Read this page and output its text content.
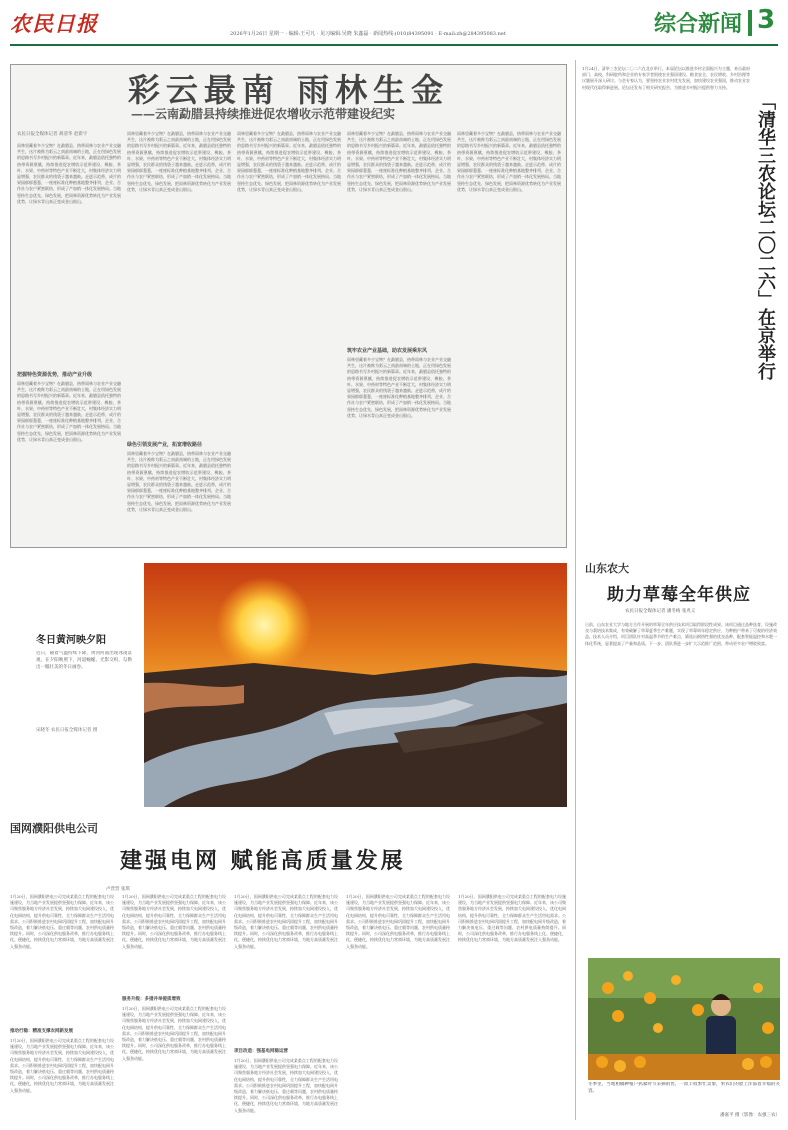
农民日报	2026年1月26日 星期一 · 编辑:王可凡 · 见习编辑:吴晓 朱鑫磊 · 新闻热线:(010)84395091 · E-mail:zh@284395083.net	综合新闻 3
彩云最南 雨林生金
——云南勐腊县持续推进促农增收示范带建设纪实
农民日报全媒体记者 胡清华 赵新宇
雨林里藏着多少宝物？在勐腊县，热带雨林与农业产业交融共生，这片被称为彩云之南最南端的土地，正在用绿色发展的思路书写乡村振兴的新篇章。近年来，勐腊县依托独特的热带资源禀赋，持续推进促农增收示范带建设，橡胶、茶叶、水果、中药材等特色产业不断壮大，村集体经济实力明显增强，农民群众的钱袋子越来越鼓。走进示范带，成片的果园郁郁葱葱，一座座标准化种植基地整齐排列，企业、合作社与农户紧密联结，形成了产加销一体化发展格局。当地坚持生态优先、绿色发展，把雨林资源优势转化为产业发展优势，让绿水青山真正变成金山银山。
把握特色资源优势，推动产业升级
雨林里藏着多少宝物？在勐腊县，热带雨林与农业产业交融共生，这片被称为彩云之南最南端的土地，正在用绿色发展的思路书写乡村振兴的新篇章。近年来，勐腊县依托独特的热带资源禀赋，持续推进促农增收示范带建设，橡胶、茶叶、水果、中药材等特色产业不断壮大，村集体经济实力明显增强，农民群众的钱袋子越来越鼓。走进示范带，成片的果园郁郁葱葱，一座座标准化种植基地整齐排列，企业、合作社与农户紧密联结，形成了产加销一体化发展格局。当地坚持生态优先、绿色发展，把雨林资源优势转化为产业发展优势，让绿水青山真正变成金山银山。
雨林里藏着多少宝物？在勐腊县，热带雨林与农业产业交融共生，这片被称为彩云之南最南端的土地，正在用绿色发展的思路书写乡村振兴的新篇章。近年来，勐腊县依托独特的热带资源禀赋，持续推进促农增收示范带建设，橡胶、茶叶、水果、中药材等特色产业不断壮大，村集体经济实力明显增强，农民群众的钱袋子越来越鼓。走进示范带，成片的果园郁郁葱葱，一座座标准化种植基地整齐排列，企业、合作社与农户紧密联结，形成了产加销一体化发展格局。当地坚持生态优先、绿色发展，把雨林资源优势转化为产业发展优势，让绿水青山真正变成金山银山。
绿色引领发展产业，拓宽增收路径
雨林里藏着多少宝物？在勐腊县，热带雨林与农业产业交融共生，这片被称为彩云之南最南端的土地，正在用绿色发展的思路书写乡村振兴的新篇章。近年来，勐腊县依托独特的热带资源禀赋，持续推进促农增收示范带建设，橡胶、茶叶、水果、中药材等特色产业不断壮大，村集体经济实力明显增强，农民群众的钱袋子越来越鼓。走进示范带，成片的果园郁郁葱葱，一座座标准化种植基地整齐排列，企业、合作社与农户紧密联结，形成了产加销一体化发展格局。当地坚持生态优先、绿色发展，把雨林资源优势转化为产业发展优势，让绿水青山真正变成金山银山。
雨林里藏着多少宝物？在勐腊县，热带雨林与农业产业交融共生，这片被称为彩云之南最南端的土地，正在用绿色发展的思路书写乡村振兴的新篇章。近年来，勐腊县依托独特的热带资源禀赋，持续推进促农增收示范带建设，橡胶、茶叶、水果、中药材等特色产业不断壮大，村集体经济实力明显增强，农民群众的钱袋子越来越鼓。走进示范带，成片的果园郁郁葱葱，一座座标准化种植基地整齐排列，企业、合作社与农户紧密联结，形成了产加销一体化发展格局。当地坚持生态优先、绿色发展，把雨林资源优势转化为产业发展优势，让绿水青山真正变成金山银山。
雨林里藏着多少宝物？在勐腊县，热带雨林与农业产业交融共生，这片被称为彩云之南最南端的土地，正在用绿色发展的思路书写乡村振兴的新篇章。近年来，勐腊县依托独特的热带资源禀赋，持续推进促农增收示范带建设，橡胶、茶叶、水果、中药材等特色产业不断壮大，村集体经济实力明显增强，农民群众的钱袋子越来越鼓。走进示范带，成片的果园郁郁葱葱，一座座标准化种植基地整齐排列，企业、合作社与农户紧密联结，形成了产加销一体化发展格局。当地坚持生态优先、绿色发展，把雨林资源优势转化为产业发展优势，让绿水青山真正变成金山银山。
筑牢农业产业基础，助农发展乘东风
雨林里藏着多少宝物？在勐腊县，热带雨林与农业产业交融共生，这片被称为彩云之南最南端的土地，正在用绿色发展的思路书写乡村振兴的新篇章。近年来，勐腊县依托独特的热带资源禀赋，持续推进促农增收示范带建设，橡胶、茶叶、水果、中药材等特色产业不断壮大，村集体经济实力明显增强，农民群众的钱袋子越来越鼓。走进示范带，成片的果园郁郁葱葱，一座座标准化种植基地整齐排列，企业、合作社与农户紧密联结，形成了产加销一体化发展格局。当地坚持生态优先、绿色发展，把雨林资源优势转化为产业发展优势，让绿水青山真正变成金山银山。
雨林里藏着多少宝物？在勐腊县，热带雨林与农业产业交融共生，这片被称为彩云之南最南端的土地，正在用绿色发展的思路书写乡村振兴的新篇章。近年来，勐腊县依托独特的热带资源禀赋，持续推进促农增收示范带建设，橡胶、茶叶、水果、中药材等特色产业不断壮大，村集体经济实力明显增强，农民群众的钱袋子越来越鼓。走进示范带，成片的果园郁郁葱葱，一座座标准化种植基地整齐排列，企业、合作社与农户紧密联结，形成了产加销一体化发展格局。当地坚持生态优先、绿色发展，把雨林资源优势转化为产业发展优势，让绿水青山真正变成金山银山。
1月24日，清华三农论坛二〇二六在北京举行。本届论坛以推进乡村全面振兴为主题，来自政府部门、高校、科研院所和企业的专家学者围绕农业强国建设、粮食安全、农民增收、乡村治理等议题展开深入研讨。与会专家认为，要坚持农业农村优先发展，加快建设农业强国，推动农业农村现代化取得新进展。论坛还发布了相关研究报告，为推进乡村振兴提供智力支持。
「清华三农论坛二〇二六」在京举行
冬日黄河映夕阳
近日，随着气温持续下降，黄河河面出现冰凌景观，在夕阳映照下，河道蜿蜒，光影交织，勾勒出一幅壮美的冬日画卷。
宋晓冬 农民日报全媒体记者 摄
国网濮阳供电公司
建强电网 赋能高质量发展
卢营营 张琪
1月20日，国网濮阳供电公司完成某重点工程的配套电力设施建设，为当地产业发展提供坚强电力保障。近年来，该公司聚焦服务地方经济社会发展，持续加大电网建设投入，优化电网结构，提升供电可靠性，全力保障群众生产生活用电需求。公司积极推进农村电网巩固提升工程，加快配电网升级改造，着力解决低电压、重过载等问题，农村供电质量持续提升。同时，公司深化供电服务改革，推行办电服务线上化、便捷化，持续优化电力营商环境，为地方高质量发展注入强劲动能。
推动行稳：精准支撑农网新发展
1月20日，国网濮阳供电公司完成某重点工程的配套电力设施建设，为当地产业发展提供坚强电力保障。近年来，该公司聚焦服务地方经济社会发展，持续加大电网建设投入，优化电网结构，提升供电可靠性，全力保障群众生产生活用电需求。公司积极推进农村电网巩固提升工程，加快配电网升级改造，着力解决低电压、重过载等问题，农村供电质量持续提升。同时，公司深化供电服务改革，推行办电服务线上化、便捷化，持续优化电力营商环境，为地方高质量发展注入强劲动能。
1月20日，国网濮阳供电公司完成某重点工程的配套电力设施建设，为当地产业发展提供坚强电力保障。近年来，该公司聚焦服务地方经济社会发展，持续加大电网建设投入，优化电网结构，提升供电可靠性，全力保障群众生产生活用电需求。公司积极推进农村电网巩固提升工程，加快配电网升级改造，着力解决低电压、重过载等问题，农村供电质量持续提升。同时，公司深化供电服务改革，推行办电服务线上化、便捷化，持续优化电力营商环境，为地方高质量发展注入强劲动能。
服务升级：多措并举提质增效
1月20日，国网濮阳供电公司完成某重点工程的配套电力设施建设，为当地产业发展提供坚强电力保障。近年来，该公司聚焦服务地方经济社会发展，持续加大电网建设投入，优化电网结构，提升供电可靠性，全力保障群众生产生活用电需求。公司积极推进农村电网巩固提升工程，加快配电网升级改造，着力解决低电压、重过载等问题，农村供电质量持续提升。同时，公司深化供电服务改革，推行办电服务线上化、便捷化，持续优化电力营商环境，为地方高质量发展注入强劲动能。
1月20日，国网濮阳供电公司完成某重点工程的配套电力设施建设，为当地产业发展提供坚强电力保障。近年来，该公司聚焦服务地方经济社会发展，持续加大电网建设投入，优化电网结构，提升供电可靠性，全力保障群众生产生活用电需求。公司积极推进农村电网巩固提升工程，加快配电网升级改造，着力解决低电压、重过载等问题，农村供电质量持续提升。同时，公司深化供电服务改革，推行办电服务线上化、便捷化，持续优化电力营商环境，为地方高质量发展注入强劲动能。
项目改造：强基电网稳运营
1月20日，国网濮阳供电公司完成某重点工程的配套电力设施建设，为当地产业发展提供坚强电力保障。近年来，该公司聚焦服务地方经济社会发展，持续加大电网建设投入，优化电网结构，提升供电可靠性，全力保障群众生产生活用电需求。公司积极推进农村电网巩固提升工程，加快配电网升级改造，着力解决低电压、重过载等问题，农村供电质量持续提升。同时，公司深化供电服务改革，推行办电服务线上化、便捷化，持续优化电力营商环境，为地方高质量发展注入强劲动能。
1月20日，国网濮阳供电公司完成某重点工程的配套电力设施建设，为当地产业发展提供坚强电力保障。近年来，该公司聚焦服务地方经济社会发展，持续加大电网建设投入，优化电网结构，提升供电可靠性，全力保障群众生产生活用电需求。公司积极推进农村电网巩固提升工程，加快配电网升级改造，着力解决低电压、重过载等问题，农村供电质量持续提升。同时，公司深化供电服务改革，推行办电服务线上化、便捷化，持续优化电力营商环境，为地方高质量发展注入强劲动能。
1月20日，国网濮阳供电公司完成某重点工程的配套电力设施建设，为当地产业发展提供坚强电力保障。近年来，该公司聚焦服务地方经济社会发展，持续加大电网建设投入，优化电网结构，提升供电可靠性，全力保障群众生产生活用电需求。公司积极推进农村电网巩固提升工程，加快配电网升级改造，着力解决低电压、重过载等问题，农村供电质量持续提升。同时，公司深化供电服务改革，推行办电服务线上化、便捷化，持续优化电力营商环境，为地方高质量发展注入强劲动能。
山东农大
助力草莓全年供应
农民日报全媒体记者 潘冬梅 张兆义
日前，山东农业大学与地方合作开展的草莓全年供应技术项目取得阶段性成果。该项目通过品种选育、设施改良与栽培技术集成，有效破解了草莓夏季生产难题，实现了草莓周年稳定供应，为种植户带来了可观的经济效益。技术人员介绍，项目团队针对高温季节的生产难点，筛选出耐热性强的优良品种，配套智能温控和水肥一体化系统，显著提高了产量和品质。下一步，团队将进一步扩大示范推广范围，带动更多农户增收致富。
冬季里，当地柑橘种植户抓紧时节采摘销售，一派丰收繁忙景象，果农们的脸上洋溢着幸福的笑容。
潘嘉平 摄（影像：农强三农）
